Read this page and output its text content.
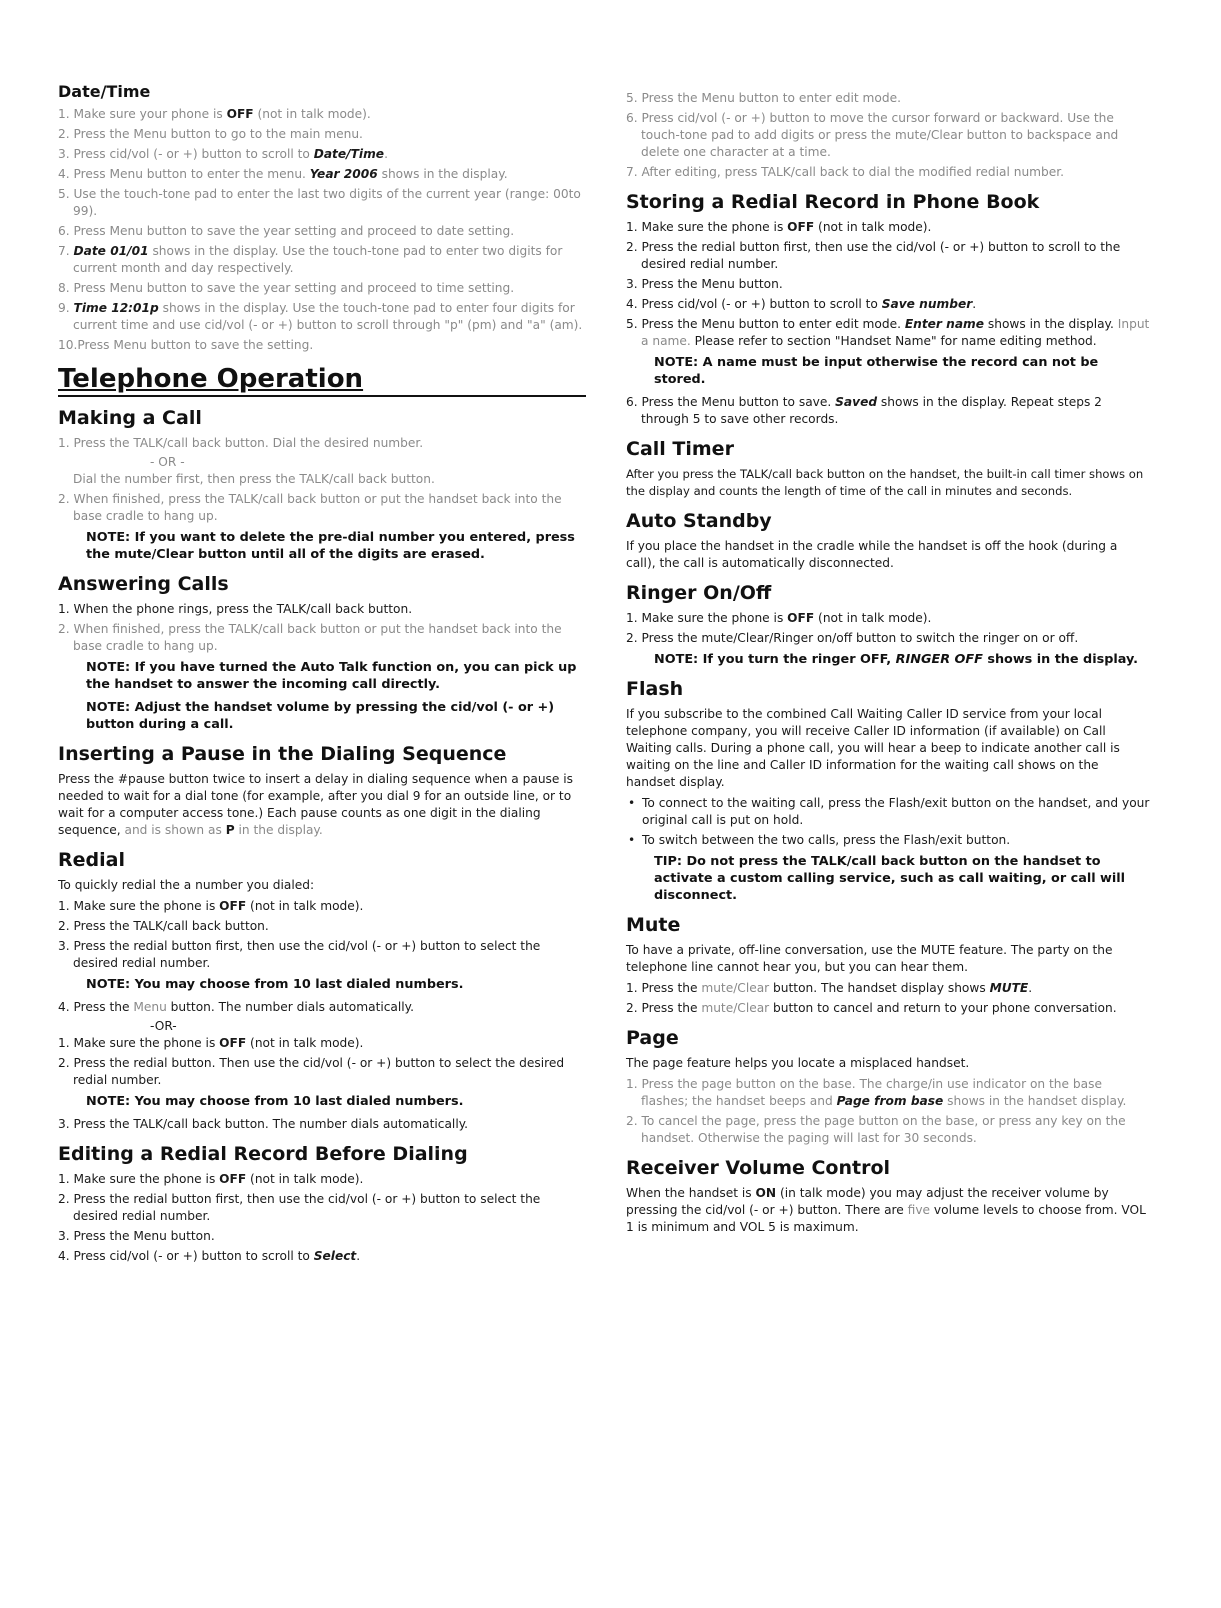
Date/Time
1. Make sure your phone is OFF (not in talk mode).
2. Press the Menu button to go to the main menu.
3. Press cid/vol (- or +) button to scroll to Date/Time.
4. Press Menu button to enter the menu. Year 2006 shows in the display.
5. Use the touch-tone pad to enter the last two digits of the current year (range: 00to 99).
6. Press Menu button to save the year setting and proceed to date setting.
7. Date 01/01 shows in the display. Use the touch-tone pad to enter two digits for current month and day respectively.
8. Press Menu button to save the year setting and proceed to time setting.
9. Time 12:01p shows in the display. Use the touch-tone pad to enter four digits for current time and use cid/vol (- or +) button to scroll through "p" (pm) and "a" (am).
10.Press Menu button to save the setting.
Telephone Operation
Making a Call
1. Press the TALK/call back button. Dial the desired number.
- OR -
Dial the number first, then press the TALK/call back button.
2. When finished, press the TALK/call back button or put the handset back into the base cradle to hang up.
NOTE: If you want to delete the pre-dial number you entered, press the mute/Clear button until all of the digits are erased.
Answering Calls
1. When the phone rings, press the TALK/call back button.
2. When finished, press the TALK/call back button or put the handset back into the base cradle to hang up.
NOTE: If you have turned the Auto Talk function on, you can pick up the handset to answer the incoming call directly.
NOTE: Adjust the handset volume by pressing the cid/vol (- or +) button during a call.
Inserting a Pause in the Dialing Sequence
Press the #pause button twice to insert a delay in dialing sequence when a pause is needed to wait for a dial tone (for example, after you dial 9 for an outside line, or to wait for a computer access tone.) Each pause counts as one digit in the dialing sequence, and is shown as P in the display.
Redial
To quickly redial the a number you dialed:
1. Make sure the phone is OFF (not in talk mode).
2. Press the TALK/call back button.
3. Press the redial button first, then use the cid/vol (- or +) button to select the desired redial number.
NOTE: You may choose from 10 last dialed numbers.
4. Press the Menu button. The number dials automatically.
-OR-
1. Make sure the phone is OFF (not in talk mode).
2. Press the redial button. Then use the cid/vol (- or +) button to select the desired redial number.
NOTE: You may choose from 10 last dialed numbers.
3. Press the TALK/call back button. The number dials automatically.
Editing a Redial Record Before Dialing
1. Make sure the phone is OFF (not in talk mode).
2. Press the redial button first, then use the cid/vol (- or +) button to select the desired redial number.
3. Press the Menu button.
4. Press cid/vol (- or +) button to scroll to Select.
5. Press the Menu button to enter edit mode.
6. Press cid/vol (- or +) button to move the cursor forward or backward. Use the touch-tone pad to add digits or press the mute/Clear button to backspace and delete one character at a time.
7. After editing, press TALK/call back to dial the modified redial number.
Storing a Redial Record in Phone Book
1. Make sure the phone is OFF (not in talk mode).
2. Press the redial button first, then use the cid/vol (- or +) button to scroll to the desired redial number.
3. Press the Menu button.
4. Press cid/vol (- or +) button to scroll to Save number.
5. Press the Menu button to enter edit mode. Enter name shows in the display. Input a name. Please refer to section "Handset Name" for name editing method.
NOTE: A name must be input otherwise the record can not be stored.
6. Press the Menu button to save. Saved shows in the display. Repeat steps 2 through 5 to save other records.
Call Timer
After you press the TALK/call back button on the handset, the built-in call timer shows on the display and counts the length of time of the call in minutes and seconds.
Auto Standby
If you place the handset in the cradle while the handset is off the hook (during a call), the call is automatically disconnected.
Ringer On/Off
1. Make sure the phone is OFF (not in talk mode).
2. Press the mute/Clear/Ringer on/off button to switch the ringer on or off.
NOTE: If you turn the ringer OFF, RINGER OFF shows in the display.
Flash
If you subscribe to the combined Call Waiting Caller ID service from your local telephone company, you will receive Caller ID information (if available) on Call Waiting calls. During a phone call, you will hear a beep to indicate another call is waiting on the line and Caller ID information for the waiting call shows on the handset display.
• To connect to the waiting call, press the Flash/exit button on the handset, and your original call is put on hold.
• To switch between the two calls, press the Flash/exit button.
TIP: Do not press the TALK/call back button on the handset to activate a custom calling service, such as call waiting, or call will disconnect.
Mute
To have a private, off-line conversation, use the MUTE feature. The party on the telephone line cannot hear you, but you can hear them.
1. Press the mute/Clear button. The handset display shows MUTE.
2. Press the mute/Clear button to cancel and return to your phone conversation.
Page
The page feature helps you locate a misplaced handset.
1. Press the page button on the base. The charge/in use indicator on the base flashes; the handset beeps and Page from base shows in the handset display.
2. To cancel the page, press the page button on the base, or press any key on the handset. Otherwise the paging will last for 30 seconds.
Receiver Volume Control
When the handset is ON (in talk mode) you may adjust the receiver volume by pressing the cid/vol (- or +) button. There are five volume levels to choose from. VOL 1 is minimum and VOL 5 is maximum.
